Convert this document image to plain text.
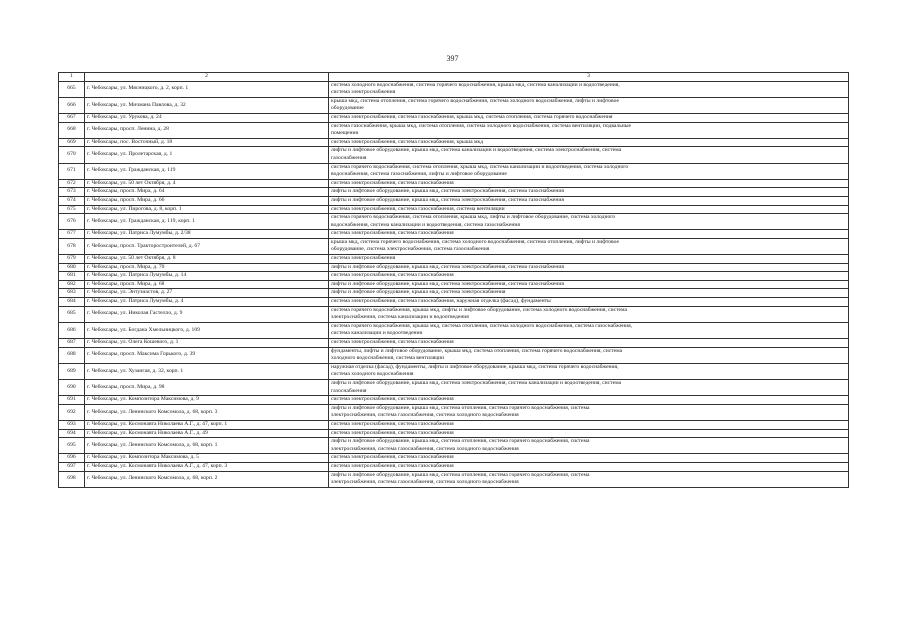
397
1	2	3
665	г. Чебоксары, ул. Мясницкого, д. 2, корп. 1	система холодного водоснабжения, система горячего водоснабжения, крыша мкд, система канализации и водоотведения,
система электроснабжения

666	г. Чебоксары, ул. Мичмана Павлова, д. 32	крыша мкд, система отопления, система горячего водоснабжения, система холодного водоснабжения, лифты и лифтовое
оборудование

667	г. Чебоксары, ул. Урукова, д. 24	система электроснабжения, система газоснабжения, крыша мкд, система отопления, система горячего водоснабжения

668	г. Чебоксары, просп. Ленина, д. 28	система газоснабжения, крыша мкд, система отопления, система холодного водоснабжения, система вентиляции, подвальные
помещения

669	г. Чебоксары, пос. Восточный, д. 18	система электроснабжения, система газоснабжения, крыша мкд

670	г. Чебоксары, ул. Пролетарская, д. 1	лифты и лифтовое оборудование, крыша мкд, система канализации и водоотведения, система электроснабжения, система
газоснабжения

671	г. Чебоксары, ул. Гражданская, д. 119	система горячего водоснабжения, система отопления, крыша мкд, система канализации и водоотведения, система холодного
водоснабжения, система газоснабжения, лифты и лифтовое оборудование

672	г. Чебоксары, ул. 50 лет Октября, д. 4	система электроснабжения, система газоснабжения

673	г. Чебоксары, просп. Мира, д. 64	лифты и лифтовое оборудование, крыша мкд, система электроснабжения, система газоснабжения

674	г. Чебоксары, просп. Мира, д. 66	лифты и лифтовое оборудование, крыша мкд, система электроснабжения, система газоснабжения

675	г. Чебоксары, ул. Пирогова, д. 8, корп. 1	система электроснабжения, система газоснабжения, система вентиляции

676	г. Чебоксары, ул. Гражданская, д. 119, корп. 1	система горячего водоснабжения, система отопления, крыша мкд, лифты и лифтовое оборудование, система холодного
водоснабжения, система канализации и водоотведения, система газоснабжения

677	г. Чебоксары, ул. Патриса Лумумбы, д. 2/38	система электроснабжения, система газоснабжения

678	г. Чебоксары, просп. Тракторостроителей, д. 67	крыша мкд, система горячего водоснабжения, система холодного водоснабжения, система отопления, лифты и лифтовое
оборудование, система электроснабжения, система газоснабжения

679	г. Чебоксары, ул. 50 лет Октября, д. 8	система электроснабжения

680	г. Чебоксары, просп. Мира, д. 70	лифты и лифтовое оборудование, крыша мкд, система электроснабжения, система газоснабжения

681	г. Чебоксары, ул. Патриса Лумумбы, д. 14	система электроснабжения, система газоснабжения

682	г. Чебоксары, просп. Мира, д. 68	лифты и лифтовое оборудование, крыша мкд, система электроснабжения, система газоснабжения

683	г. Чебоксары, ул. Энтузиастов, д. 27	лифты и лифтовое оборудование, крыша мкд, система электроснабжения

684	г. Чебоксары, ул. Патриса Лумумбы, д. 4	система электроснабжения, система газоснабжения, наружная отделка (фасад), фундаменты

685	г. Чебоксары, ул. Николая Гастелло, д. 9	система горячего водоснабжения, крыша мкд, лифты и лифтовое оборудование, система холодного водоснабжения, система
электроснабжения, система канализации и водоотведения

686	г. Чебоксары, ул. Богдана Хмельницкого, д. 109	система горячего водоснабжения, крыша мкд, система отопления, система холодного водоснабжения, система газоснабжения,
система канализации и водоотведения

687	г. Чебоксары, ул. Олега Кошевого, д. 1	система электроснабжения, система газоснабжения

688	г. Чебоксары, просп. Максима Горького, д. 39	фундаменты, лифты и лифтовое оборудование, крыша мкд, система отопления, система горячего водоснабжения, система
холодного водоснабжения, система вентиляции

689	г. Чебоксары, ул. Хузангая, д. 32, корп. 1	наружная отделка (фасад), фундаменты, лифты и лифтовое оборудование, крыша мкд, система горячего водоснабжения,
система холодного водоснабжения

690	г. Чебоксары, просп. Мира, д. 98	лифты и лифтовое оборудование, крыша мкд, система электроснабжения, система канализации и водоотведения, система
газоснабжения

691	г. Чебоксары, ул. Композитора Максимова, д. 9	система электроснабжения, система газоснабжения

692	г. Чебоксары, ул. Ленинского Комсомола, д. 68, корп. 3	лифты и лифтовое оборудование, крыша мкд, система отопления, система горячего водоснабжения, система
электроснабжения, система газоснабжения, система холодного водоснабжения

693	г. Чебоксары, ул. Космонавта Николаева А.Г., д. 47, корп. 1	система электроснабжения, система газоснабжения

694	г. Чебоксары, ул. Космонавта Николаева А.Г., д. 49	система электроснабжения, система газоснабжения

695	г. Чебоксары, ул. Ленинского Комсомола, д. 68, корп. 1	лифты и лифтовое оборудование, крыша мкд, система отопления, система горячего водоснабжения, система
электроснабжения, система газоснабжения, система холодного водоснабжения

696	г. Чебоксары, ул. Композитора Максимова, д. 5	система электроснабжения, система газоснабжения

697	г. Чебоксары, ул. Космонавта Николаева А.Г., д. 47, корп. 3	система электроснабжения, система газоснабжения

698	г. Чебоксары, ул. Ленинского Комсомола, д. 68, корп. 2	лифты и лифтовое оборудование, крыша мкд, система отопления, система горячего водоснабжения, система
электроснабжения, система газоснабжения, система холодного водоснабжения
